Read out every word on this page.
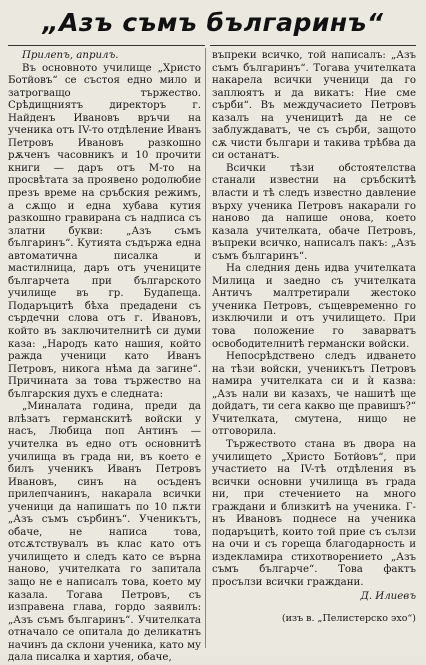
„Азъ съмъ българинъ“

Прилепъ, априлъ.

Въ основното училище „Христо Ботйовъ“ се състоя едно мило и затрогващо тържество. Срѣдищниятъ директоръ г. Найденъ Ивановъ връчи на ученика отъ IV-то отдѣление Иванъ Петровъ Ивановъ разкошно рѫченъ часовникъ и 10 прочити книги — даръ отъ М-то на просвѣтата за проявено родолюбие презъ време на сръбския режимъ, а сѫщо и една хубава кутия разкошно гравирана съ надписа съ златни букви: „Азъ съмъ българинъ“. Кутията съдържа една автоматична писалка и мастилница, даръ отъ учениците българчета при българското училище въ гр. Будапеща. Подаръцитѣ бѣха предадени съ сърдечни слова отъ г. Ивановъ, който въ заключителнитѣ си думи каза: „Народъ като нашия, който ражда ученици като Иванъ Петровъ, никога нѣма да загине“. Причината за това тържество на българския духъ е следната:

„Миналата година, преди да влѣзатъ германскитѣ войски у насъ, Любица поп Антинъ — учителка въ едно отъ основнитѣ училища въ града ни, въ което е билъ ученикъ Иванъ Петровъ Ивановъ, синъ на осъденъ прилепчанинъ, накарала всички ученици да напишатъ по 10 пѫти „Азъ съмъ сърбинъ“. Ученикътъ, обаче, не написа това, отсѫтствувалъ въ клас като отъ училището и следъ като се върна наново, учителката го запитала защо не е написалъ това, което му казала. Тогава Петровъ, съ изправена глава, гордо заявилъ: „Азъ съмъ българинъ“. Учителката отначало се опитала до деликатнъ начинъ да склони ученика, като му дала писалка и хартия, обаче,

въпреки всичко, той написалъ: „Азъ съмъ българинъ“. Тогава учителката накарела всички ученици да го заплюятъ и да викатъ: Ние сме сърби“. Въ междучасието Петровъ казалъ на ученицитѣ да не се заблуждаватъ, че съ сърби, защото сѫ чисти българи и такива трѣбва да си останатъ.

Всички тѣзи обстоятелства станали известни на сръбскитѣ власти и тѣ следъ известно давление върху ученика Петровъ накарали го наново да напише онова, което казала учителката, обаче Петровъ, въпреки всичко, написалъ пакъ: „Азъ съмъ българинъ“.

На следния день идва учителката Милица и заедно съ учителката Античъ малтретирали жестоко ученика Петровъ, същевременно го изключили и отъ училището. При това положение го заварватъ освободителнитѣ германски войски.

Непосрѣдствено следъ идването на тѣзи войски, ученикътъ Петровъ намира учителката си и ѝ казва: „Азъ нали ви казахъ, че нашитѣ ще дойдатъ, ти сега какво ще правишъ?“ Учителката, смутена, нищо не отговорила.

Тържеството стана въ двора на училището „Христо Ботйовъ“, при участието на IV-тѣ отдѣления въ всички основни училища въ града ни, при стечението на много граждани и близкитѣ на ученика. Г-нъ Ивановъ поднесе на ученика подаръцитѣ, които той прие съ сълзи на очи и съ гореща благодарность и издекламира стихотворението „Азъ съмъ българче“. Това фактъ просълзи всички граждани.

Д. Илиевъ

(изъ в. „Пелистерско эхо“)
